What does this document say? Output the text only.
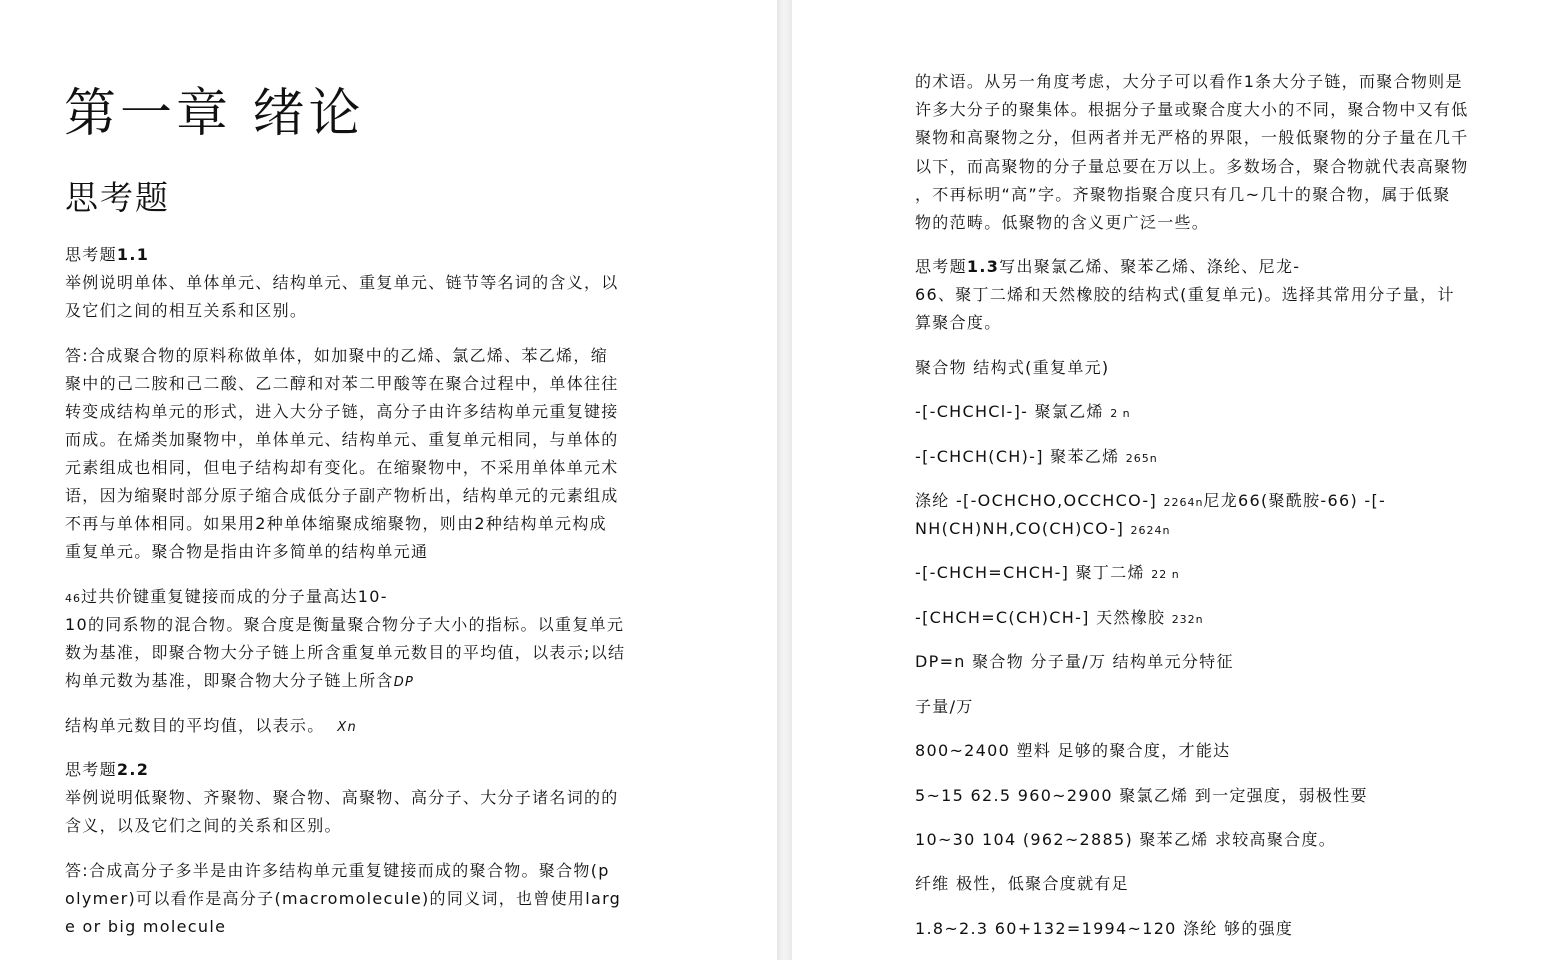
第一章 绪论
思考题
思考题1.1
举例说明单体、单体单元、结构单元、重复单元、链节等名词的含义，以
及它们之间的相互关系和区别。
答:合成聚合物的原料称做单体，如加聚中的乙烯、氯乙烯、苯乙烯，缩
聚中的己二胺和己二酸、乙二醇和对苯二甲酸等在聚合过程中，单体往往
转变成结构单元的形式，进入大分子链，高分子由许多结构单元重复键接
而成。在烯类加聚物中，单体单元、结构单元、重复单元相同，与单体的
元素组成也相同，但电子结构却有变化。在缩聚物中，不采用单体单元术
语，因为缩聚时部分原子缩合成低分子副产物析出，结构单元的元素组成
不再与单体相同。如果用2种单体缩聚成缩聚物，则由2种结构单元构成
重复单元。聚合物是指由许多简单的结构单元通
46过共价键重复键接而成的分子量高达10-
10的同系物的混合物。聚合度是衡量聚合物分子大小的指标。以重复单元
数为基准，即聚合物大分子链上所含重复单元数目的平均值，以表示;以结
构单元数为基准，即聚合物大分子链上所含DP
结构单元数目的平均值，以表示。 Xn
思考题2.2
举例说明低聚物、齐聚物、聚合物、高聚物、高分子、大分子诸名词的的
含义，以及它们之间的关系和区别。
答:合成高分子多半是由许多结构单元重复键接而成的聚合物。聚合物(p
olymer)可以看作是高分子(macromolecule)的同义词，也曾使用larg
e or big molecule
的术语。从另一角度考虑，大分子可以看作1条大分子链，而聚合物则是
许多大分子的聚集体。根据分子量或聚合度大小的不同，聚合物中又有低
聚物和高聚物之分，但两者并无严格的界限，一般低聚物的分子量在几千
以下，而高聚物的分子量总要在万以上。多数场合，聚合物就代表高聚物
，不再标明“高”字。齐聚物指聚合度只有几~几十的聚合物，属于低聚
物的范畴。低聚物的含义更广泛一些。
思考题1.3写出聚氯乙烯、聚苯乙烯、涤纶、尼龙-
66、聚丁二烯和天然橡胶的结构式(重复单元)。选择其常用分子量，计
算聚合度。
聚合物 结构式(重复单元)
-[-CHCHCl-]- 聚氯乙烯 2 n
-[-CHCH(CH)-] 聚苯乙烯 265n
涤纶 -[-OCHCHO,OCCHCO-] 2264n尼龙66(聚酰胺-66) -[-
NH(CH)NH,CO(CH)CO-] 2624n
-[-CHCH=CHCH-] 聚丁二烯 22 n
-[CHCH=C(CH)CH-] 天然橡胶 232n
DP=n 聚合物 分子量/万 结构单元分特征
子量/万
800~2400 塑料 足够的聚合度，才能达
5~15 62.5 960~2900 聚氯乙烯 到一定强度，弱极性要
10~30 104 (962~2885) 聚苯乙烯 求较高聚合度。
纤维 极性，低聚合度就有足
1.8~2.3 60+132=1994~120 涤纶 够的强度
